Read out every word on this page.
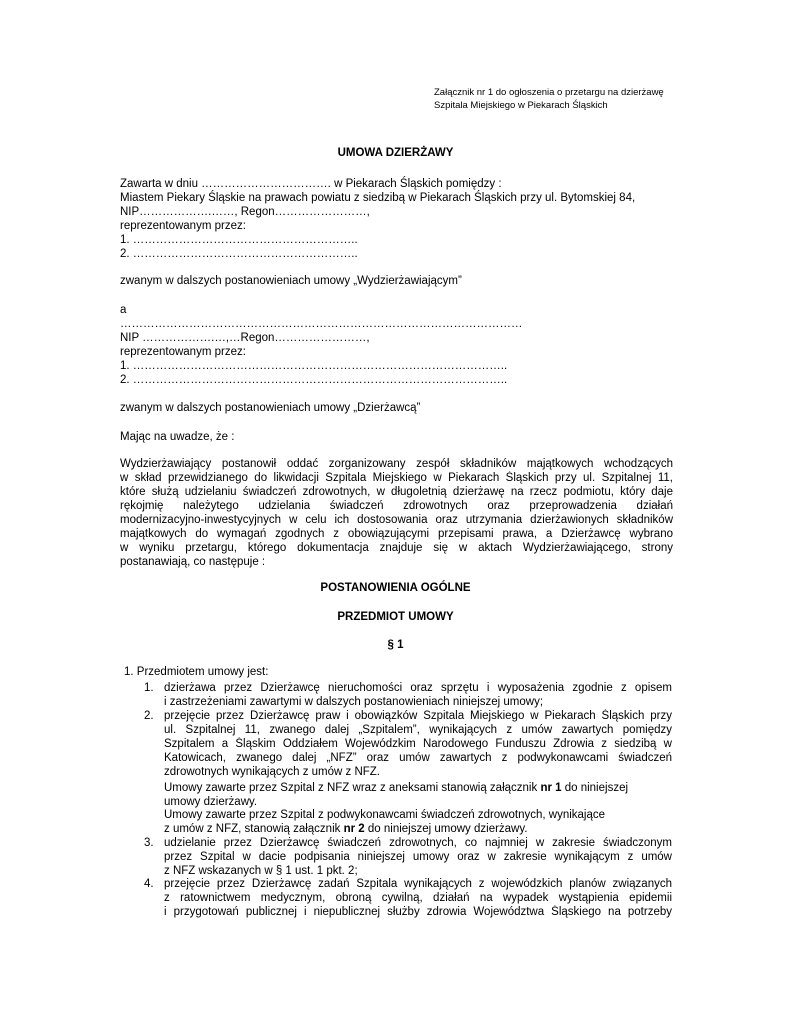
Załącznik nr 1 do ogłoszenia o przetargu na dzierżawę
Szpitala Miejskiego w Piekarach Śląskich
UMOWA DZIERŻAWY
Zawarta w dniu ……………………………. w Piekarach Śląskich pomiędzy :
Miastem Piekary Śląskie na prawach powiatu z siedzibą w Piekarach Śląskich przy ul. Bytomskiej 84,
NIP……………….……, Regon……………………,
reprezentowanym przez:
1. …………………………………………………..
2. …………………………………………………..
zwanym w dalszych postanowieniach umowy „Wydzierżawiającym”
a
……………………………………………………………………………………………
NIP ……………….…,…Regon……………………,
reprezentowanym przez:
1. ……………………………………………………………………………………..
2. ……………………………………………………………………………………..
zwanym w dalszych postanowieniach umowy „Dzierżawcą”
Mając na uwadze, że :
Wydzierżawiający postanowił oddać zorganizowany zespół składników majątkowych wchodzących
w skład przewidzianego do likwidacji Szpitala Miejskiego w Piekarach Śląskich przy ul. Szpitalnej 11,
które służą udzielaniu świadczeń zdrowotnych, w długoletnią dzierżawę na rzecz podmiotu, który daje
rękojmię należytego udzielania świadczeń zdrowotnych oraz przeprowadzenia działań
modernizacyjno-inwestycyjnych w celu ich dostosowania oraz utrzymania dzierżawionych składników
majątkowych do wymagań zgodnych z obowiązującymi przepisami prawa, a Dzierżawcę wybrano
w wyniku przetargu, którego dokumentacja znajduje się w aktach Wydzierżawiającego, strony
postanawiają, co następuje :
POSTANOWIENIA OGÓLNE
PRZEDMIOT UMOWY
§ 1
1. Przedmiotem umowy jest:
1. dzierżawa przez Dzierżawcę nieruchomości oraz sprzętu i wyposażenia zgodnie z opisem
i zastrzeżeniami zawartymi w dalszych postanowieniach niniejszej umowy;
2. przejęcie przez Dzierżawcę praw i obowiązków Szpitala Miejskiego w Piekarach Śląskich przy
ul. Szpitalnej 11, zwanego dalej „Szpitalem”, wynikających z umów zawartych pomiędzy
Szpitalem a Śląskim Oddziałem Wojewódzkim Narodowego Funduszu Zdrowia z siedzibą w
Katowicach, zwanego dalej „NFZ” oraz umów zawartych z podwykonawcami świadczeń
zdrowotnych wynikających z umów z NFZ.
Umowy zawarte przez Szpital z NFZ wraz z aneksami stanowią załącznik nr 1 do niniejszej
umowy dzierżawy.
Umowy zawarte przez Szpital z podwykonawcami świadczeń zdrowotnych, wynikające
z umów z NFZ, stanowią załącznik nr 2 do niniejszej umowy dzierżawy.
3. udzielanie przez Dzierżawcę świadczeń zdrowotnych, co najmniej w zakresie świadczonym
przez Szpital w dacie podpisania niniejszej umowy oraz w zakresie wynikającym z umów
z NFZ wskazanych w § 1 ust. 1 pkt. 2;
4. przejęcie przez Dzierżawcę zadań Szpitala wynikających z wojewódzkich planów związanych
z ratownictwem medycznym, obroną cywilną, działań na wypadek wystąpienia epidemii
i przygotowań publicznej i niepublicznej służby zdrowia Województwa Śląskiego na potrzeby
